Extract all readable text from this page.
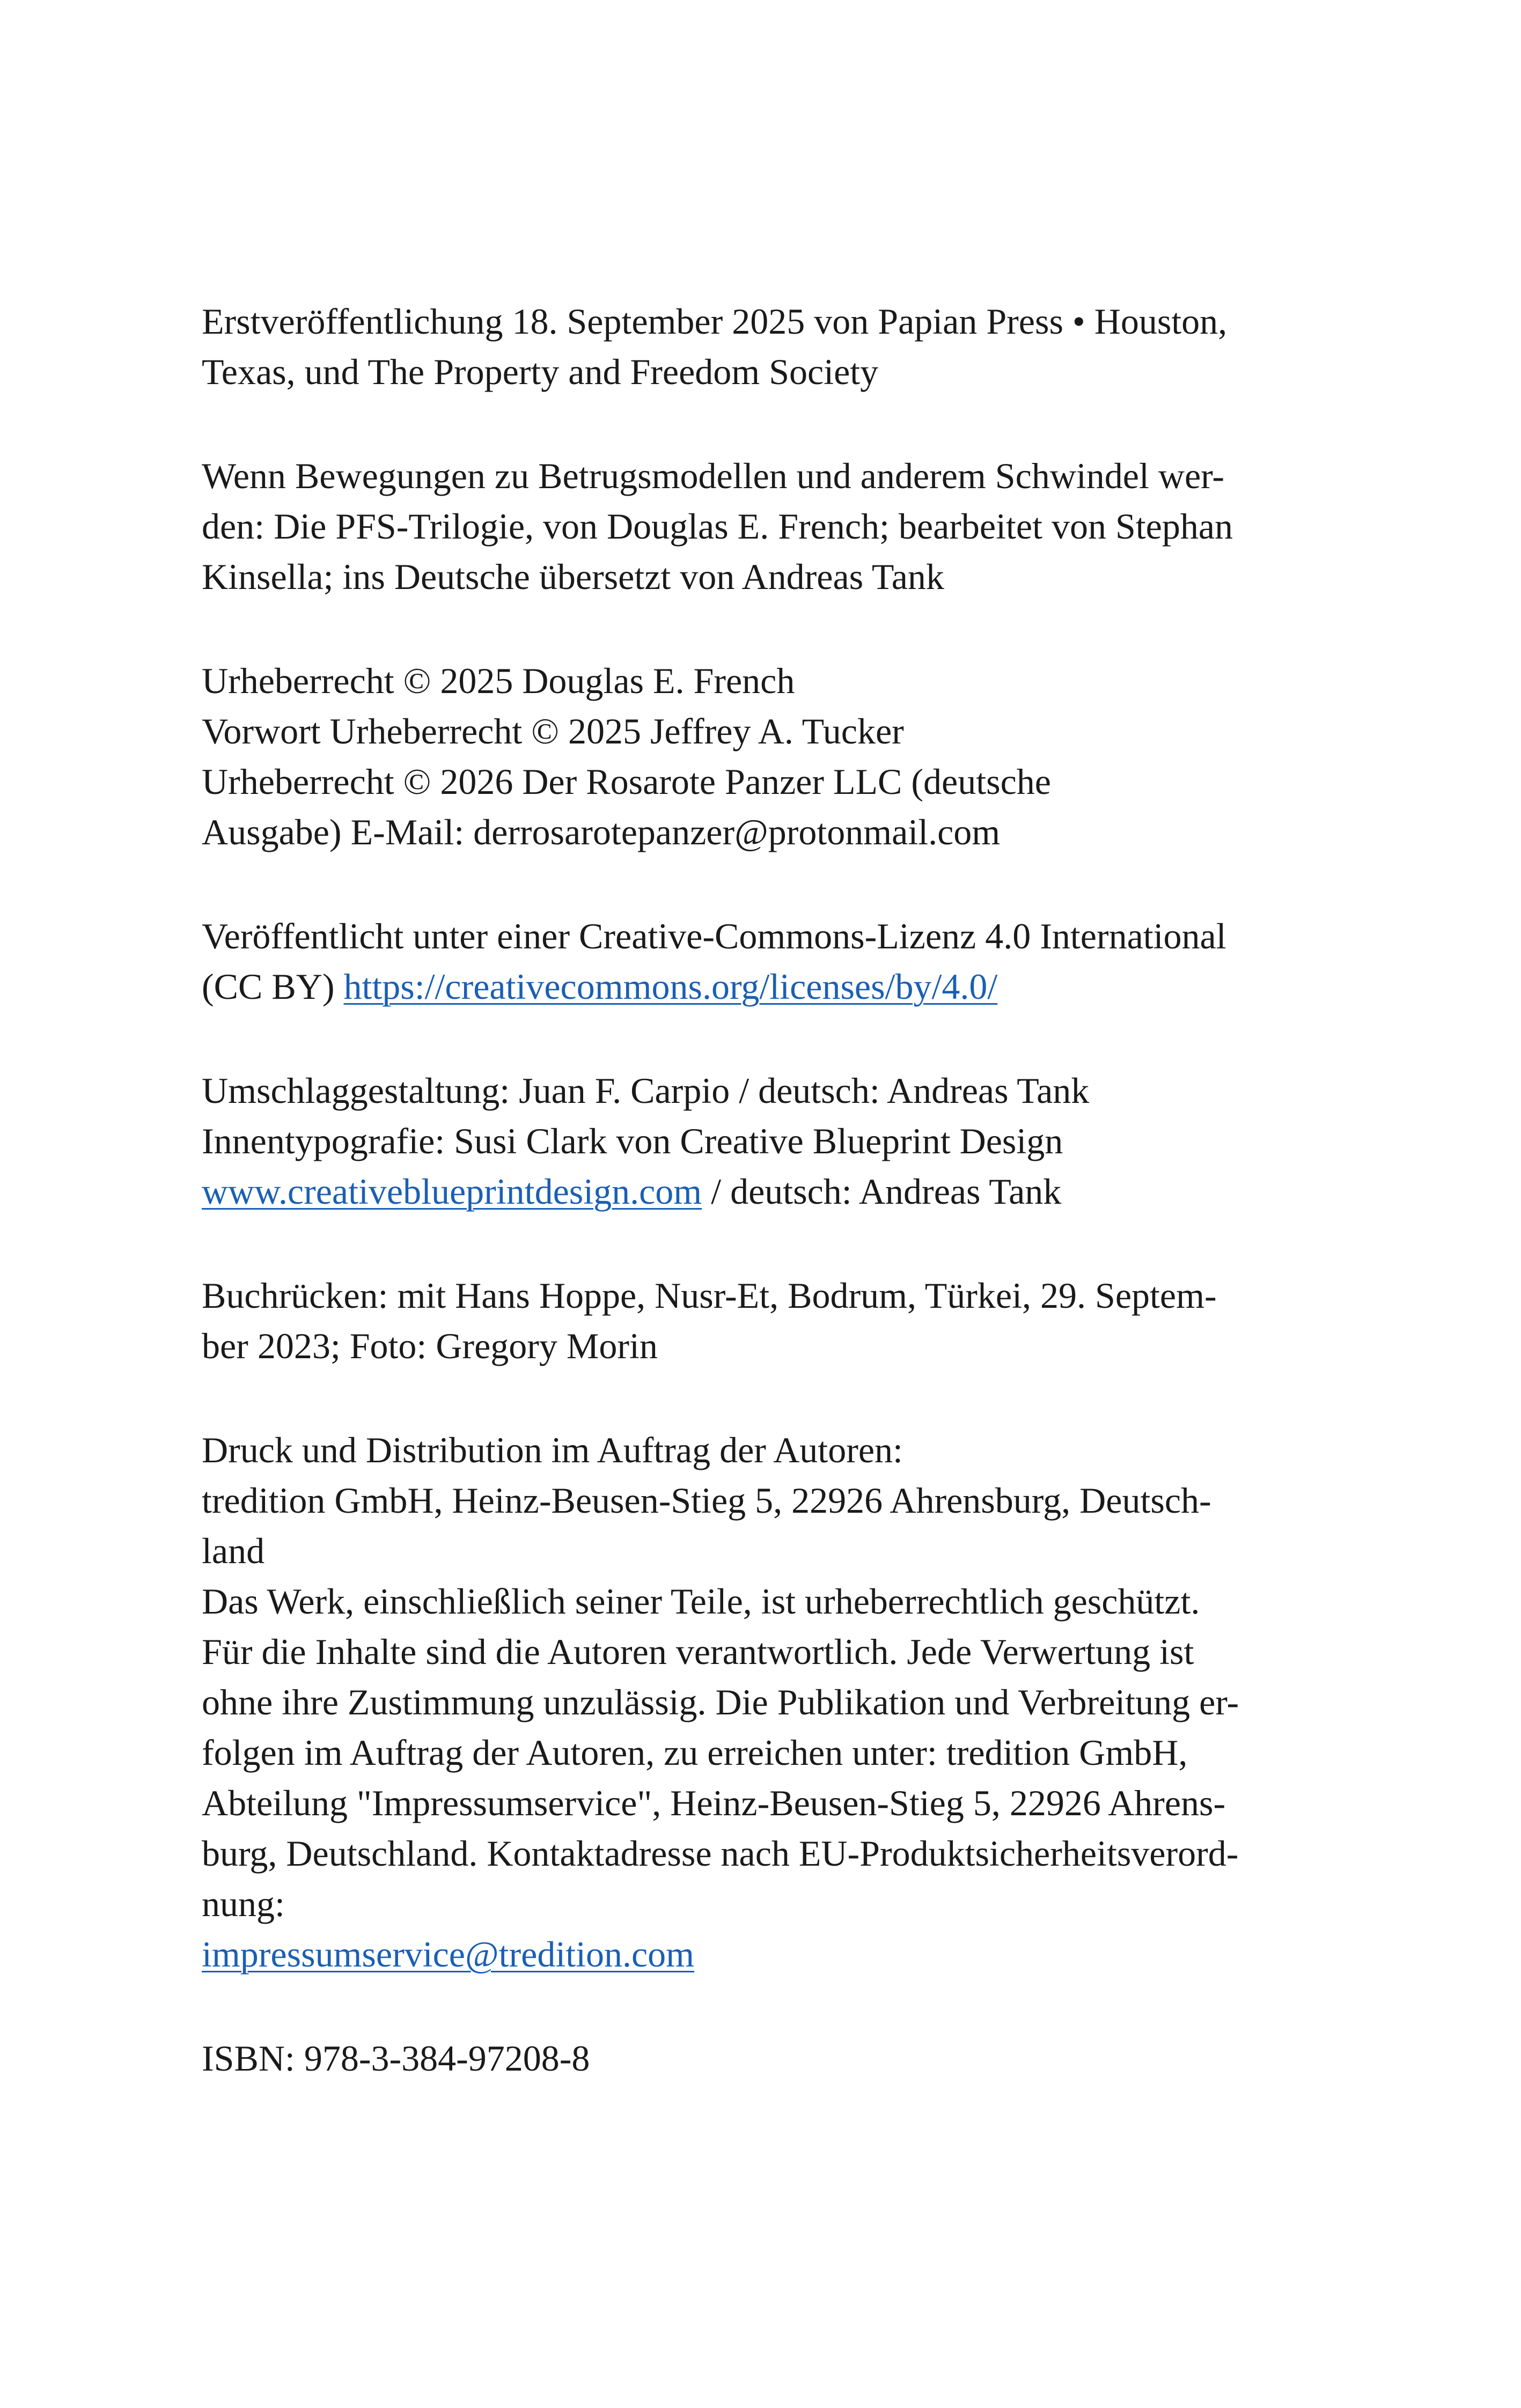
Erstveröffentlichung 18. September 2025 von Papian Press • Houston,
Texas, und The Property and Freedom Society
Wenn Bewegungen zu Betrugsmodellen und anderem Schwindel wer-
den: Die PFS-Trilogie, von Douglas E. French; bearbeitet von Stephan
Kinsella; ins Deutsche übersetzt von Andreas Tank
Urheberrecht © 2025 Douglas E. French
Vorwort Urheberrecht © 2025 Jeffrey A. Tucker
Urheberrecht © 2026 Der Rosarote Panzer LLC (deutsche
Ausgabe) E-Mail: derrosarotepanzer@protonmail.com
Veröffentlicht unter einer Creative-Commons-Lizenz 4.0 International
(CC BY) https://creativecommons.org/licenses/by/4.0/
Umschlaggestaltung: Juan F. Carpio / deutsch: Andreas Tank
Innentypografie: Susi Clark von Creative Blueprint Design
www.creativeblueprintdesign.com / deutsch: Andreas Tank
Buchrücken: mit Hans Hoppe, Nusr-Et, Bodrum, Türkei, 29. Septem-
ber 2023; Foto: Gregory Morin
Druck und Distribution im Auftrag der Autoren:
tredition GmbH, Heinz-Beusen-Stieg 5, 22926 Ahrensburg, Deutsch-
land
Das Werk, einschließlich seiner Teile, ist urheberrechtlich geschützt.
Für die Inhalte sind die Autoren verantwortlich. Jede Verwertung ist
ohne ihre Zustimmung unzulässig. Die Publikation und Verbreitung er-
folgen im Auftrag der Autoren, zu erreichen unter: tredition GmbH,
Abteilung "Impressumservice", Heinz-Beusen-Stieg 5, 22926 Ahrens-
burg, Deutschland. Kontaktadresse nach EU-Produktsicherheitsverord-
nung:
impressumservice@tredition.com
ISBN: 978-3-384-97208-8
